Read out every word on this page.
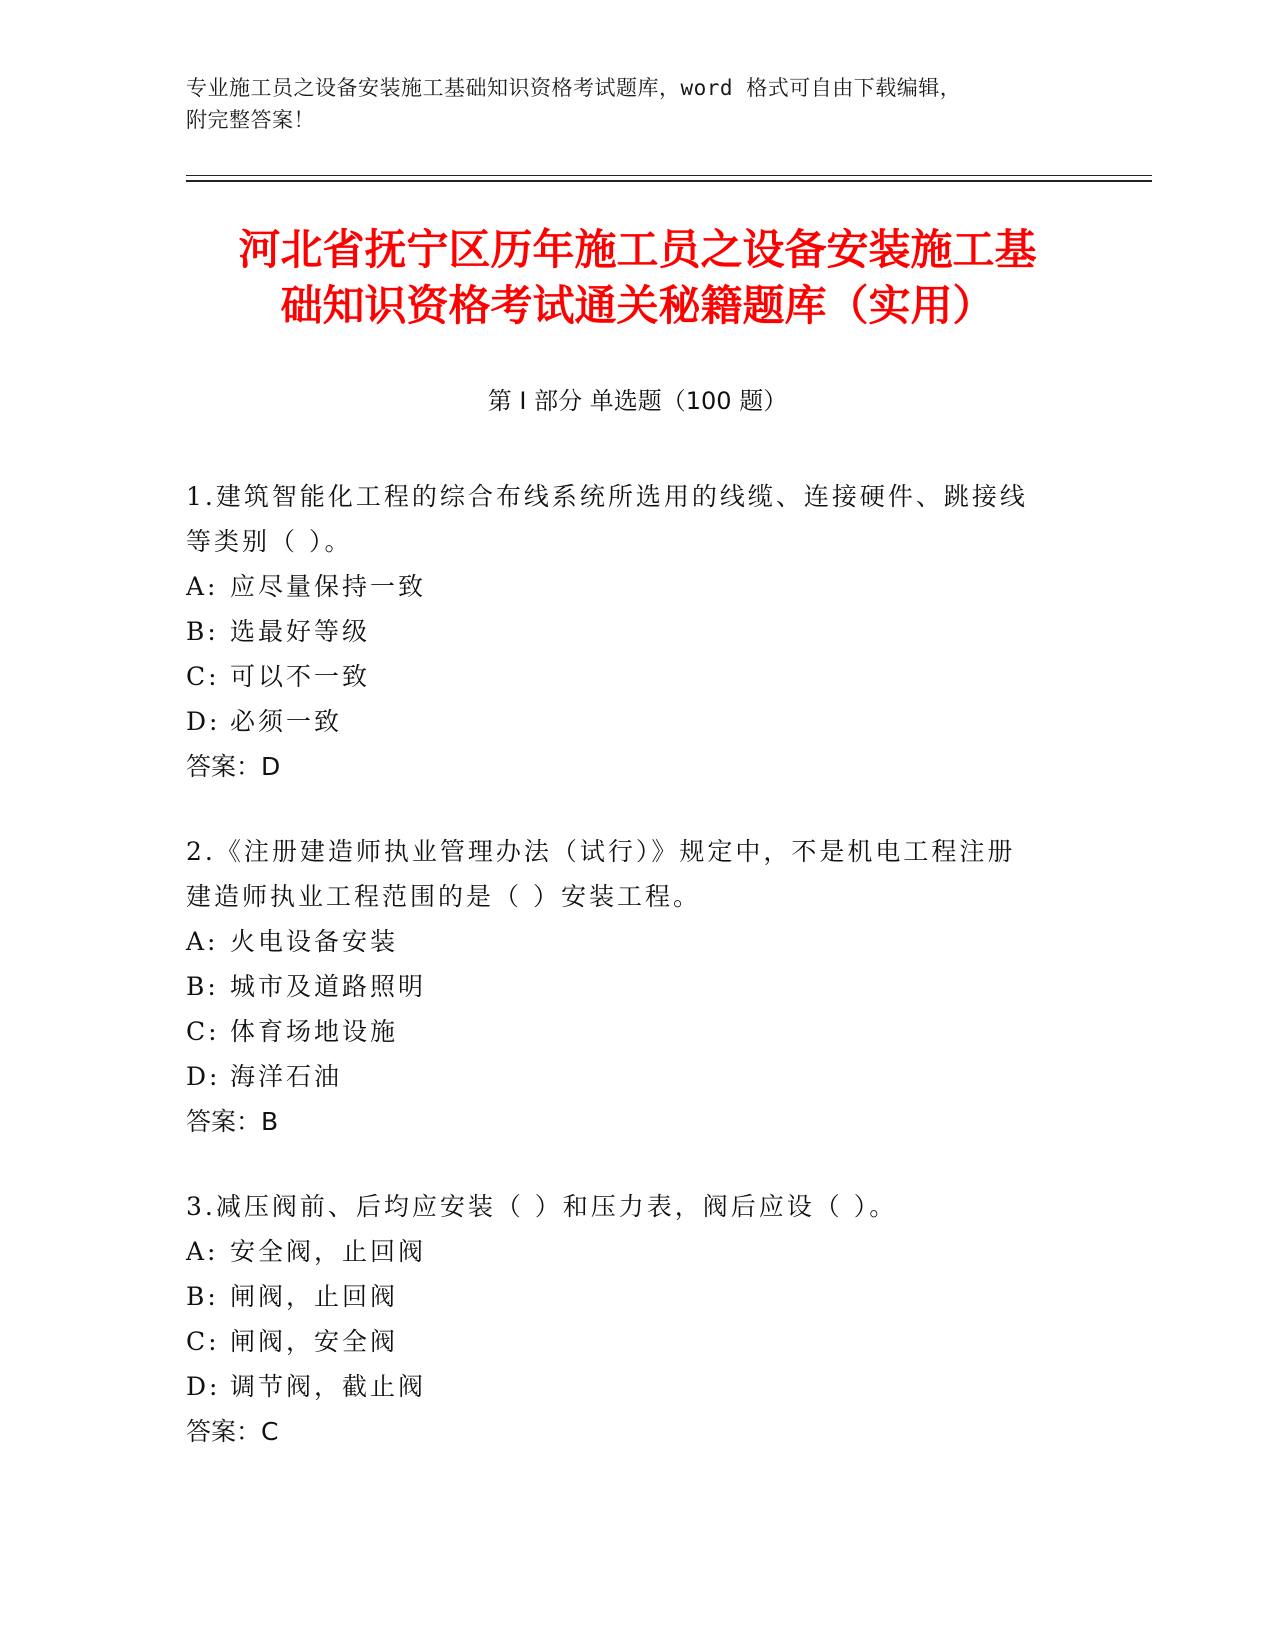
专业施工员之设备安装施工基础知识资格考试题库，word 格式可自由下载编辑，
附完整答案！
河北省抚宁区历年施工员之设备安装施工基
础知识资格考试通关秘籍题库（实用）
第 I 部分 单选题（100 题）
1.建筑智能化工程的综合布线系统所选用的线缆、连接硬件、跳接线
等类别（ ）。
A: 应尽量保持一致
B: 选最好等级
C: 可以不一致
D: 必须一致
答案：D
2.《注册建造师执业管理办法（试行）》规定中，不是机电工程注册
建造师执业工程范围的是（ ）安装工程。
A: 火电设备安装
B: 城市及道路照明
C: 体育场地设施
D: 海洋石油
答案：B
3.减压阀前、后均应安装（ ）和压力表，阀后应设（ ）。
A: 安全阀，止回阀
B: 闸阀，止回阀
C: 闸阀，安全阀
D: 调节阀，截止阀
答案：C
